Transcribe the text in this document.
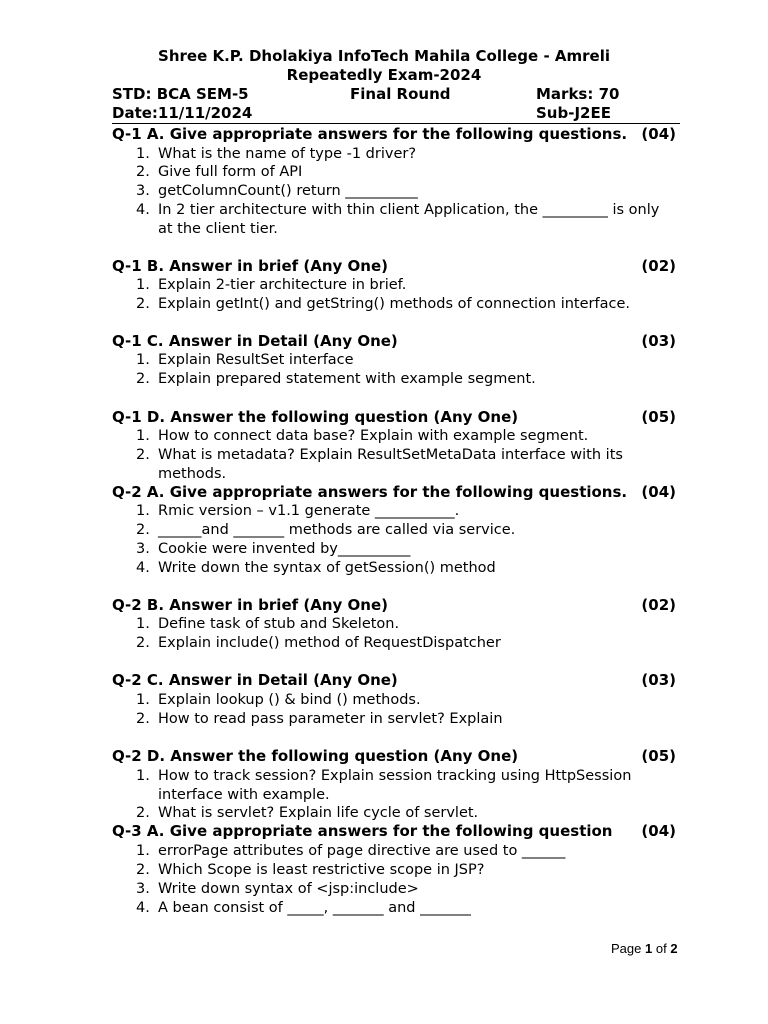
Shree K.P. Dholakiya InfoTech Mahila College - Amreli
Repeatedly Exam-2024
STD: BCA SEM-5	Final Round	Marks: 70
Date:11/11/2024	Sub-J2EE
Q-1 A. Give appropriate answers for the following questions. (04)
1. What is the name of type -1 driver?
2. Give full form of API
3. getColumnCount() return __________
4. In 2 tier architecture with thin client Application, the _________ is only at the client tier.
Q-1 B. Answer in brief (Any One)	(02)
1. Explain 2-tier architecture in brief.
2. Explain getInt() and getString() methods of connection interface.
Q-1 C. Answer in Detail (Any One)	(03)
1. Explain ResultSet interface
2. Explain prepared statement with example segment.
Q-1 D. Answer the following question (Any One)	(05)
1. How to connect data base? Explain with example segment.
2. What is metadata? Explain ResultSetMetaData interface with its methods.
Q-2 A. Give appropriate answers for the following questions. (04)
1. Rmic version – v1.1 generate ___________.
2. ______and _______ methods are called via service.
3. Cookie were invented by__________
4. Write down the syntax of getSession() method
Q-2 B. Answer in brief (Any One)	(02)
1. Define task of stub and Skeleton.
2. Explain include() method of RequestDispatcher
Q-2 C. Answer in Detail (Any One)	(03)
1. Explain lookup () & bind () methods.
2. How to read pass parameter in servlet? Explain
Q-2 D. Answer the following question (Any One)	(05)
1. How to track session? Explain session tracking using HttpSession interface with example.
2. What is servlet? Explain life cycle of servlet.
Q-3 A. Give appropriate answers for the following question (04)
1. errorPage attributes of page directive are used to ______
2. Which Scope is least restrictive scope in JSP?
3. Write down syntax of <jsp:include>
4. A bean consist of _____, _______ and _______
Page 1 of 2
